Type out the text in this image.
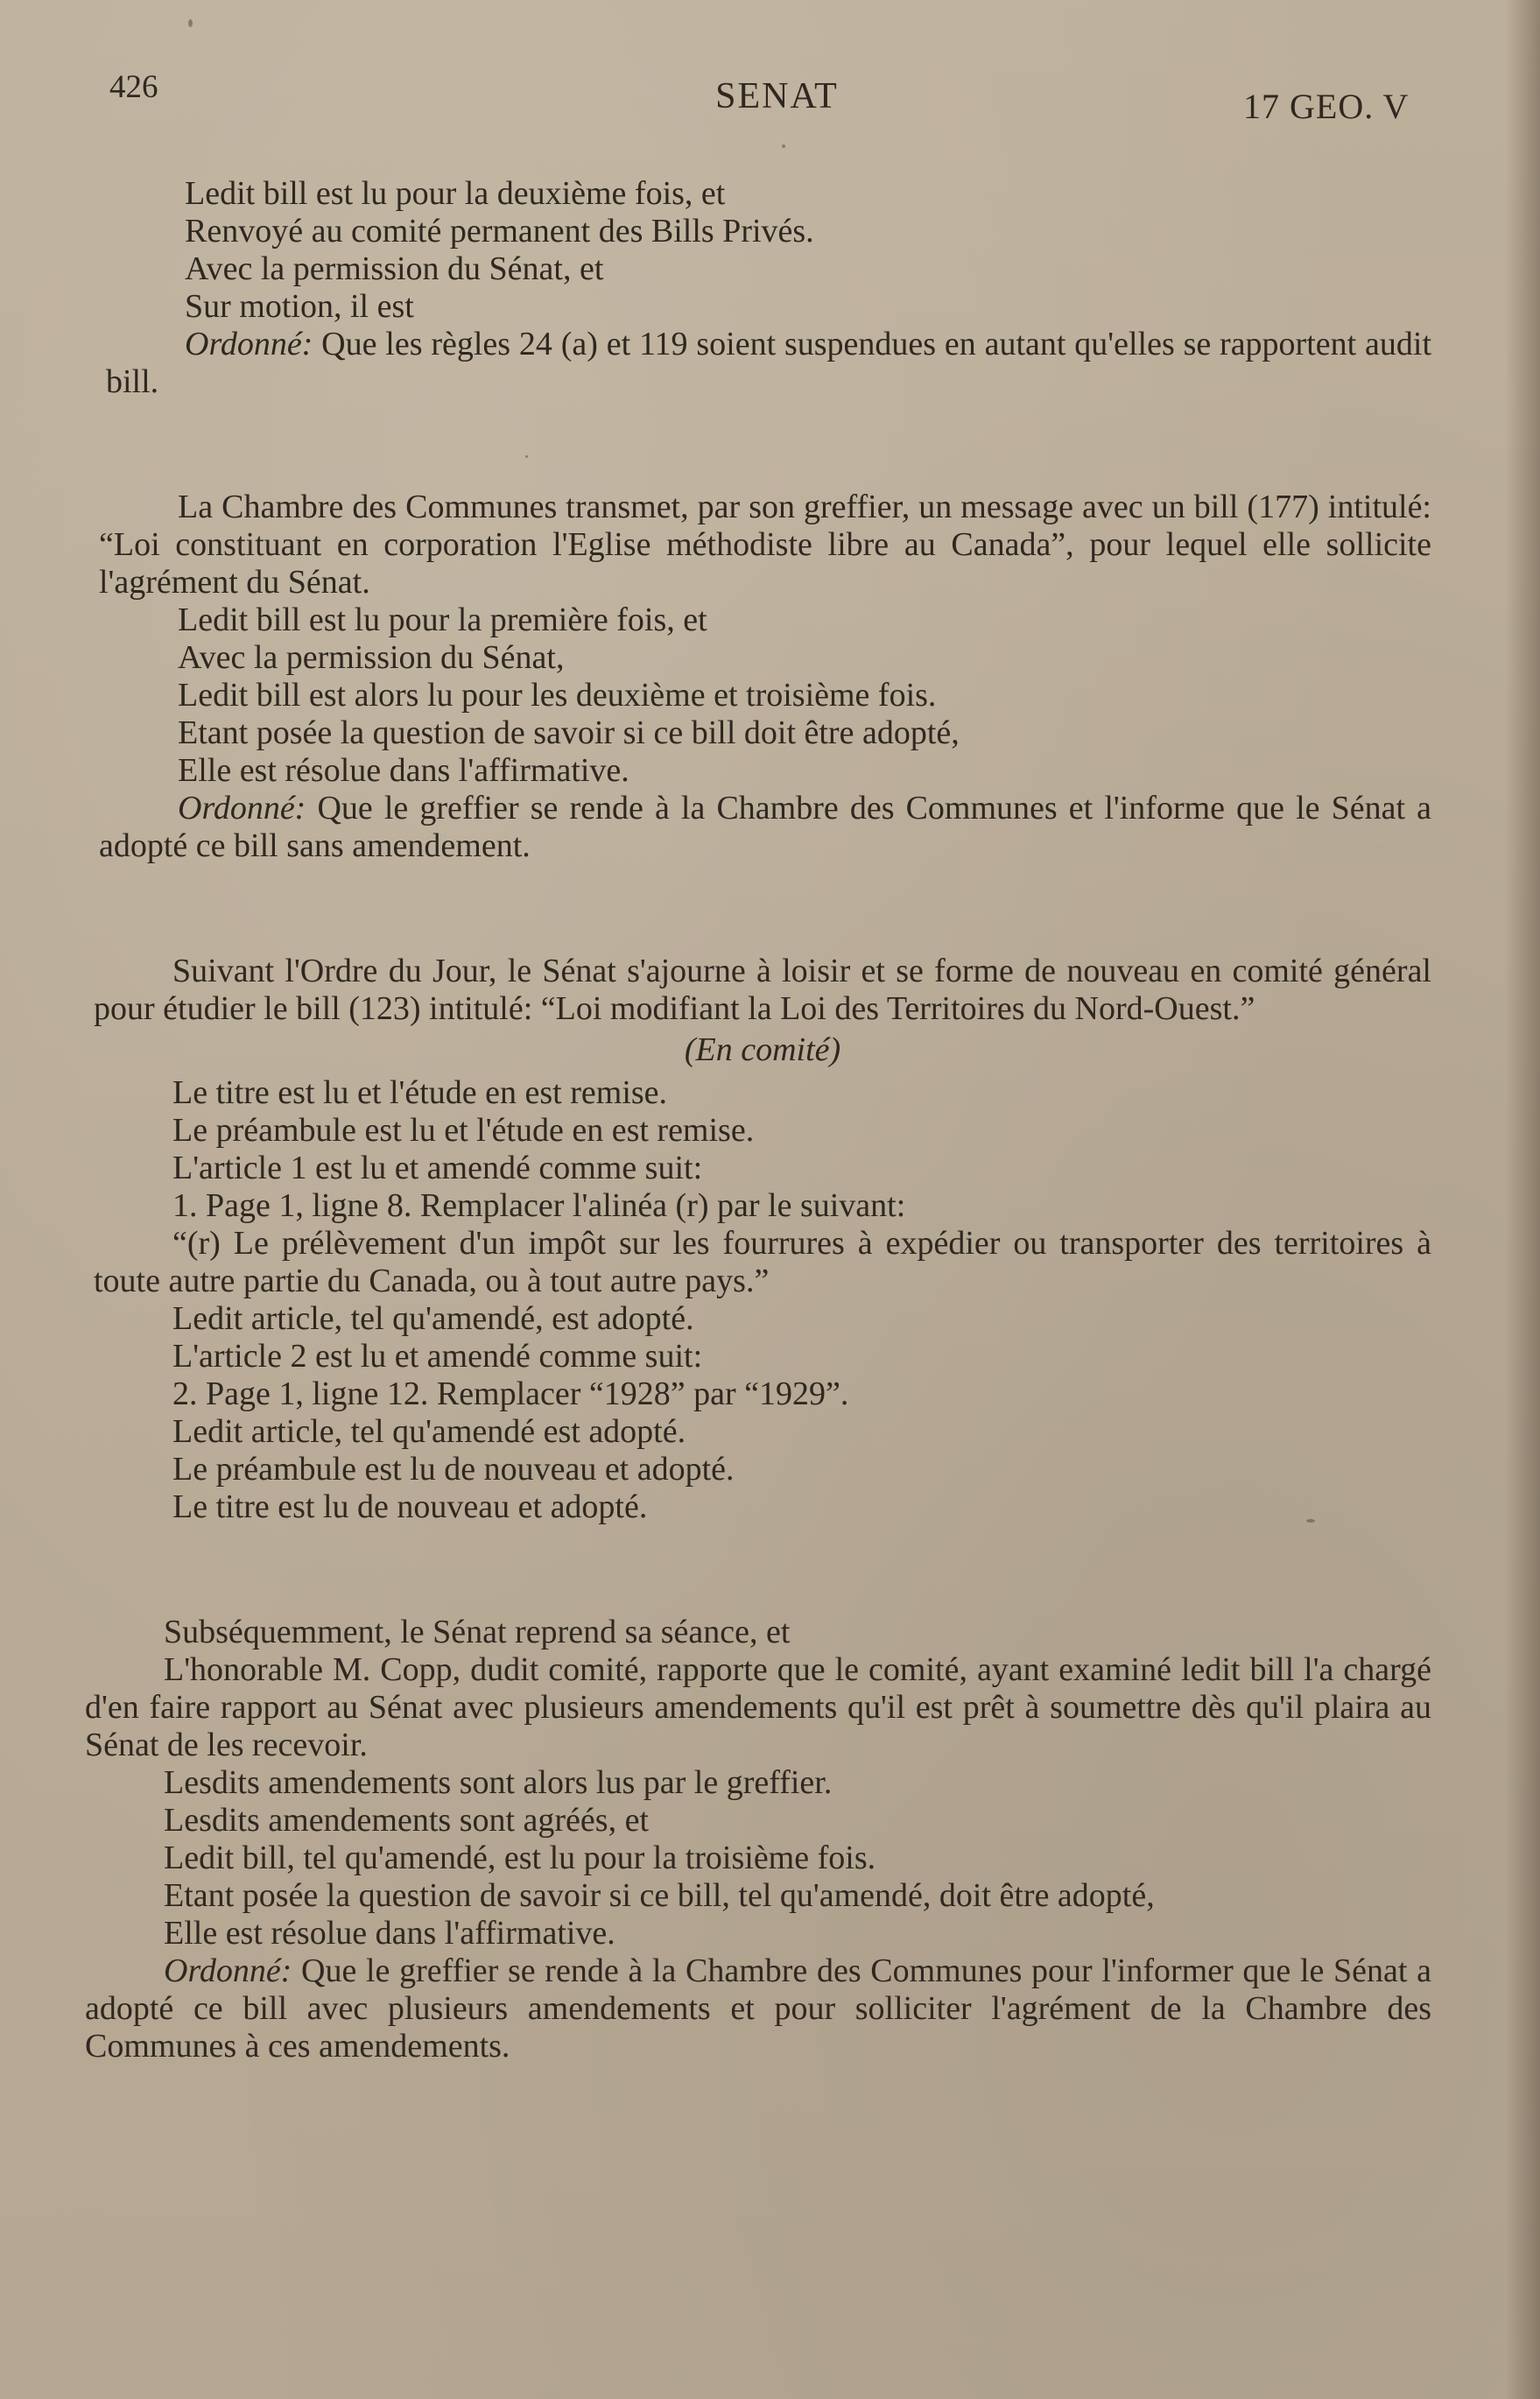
426	SENAT	17 GEO. V

Ledit bill est lu pour la deuxième fois, et

Renvoyé au comité permanent des Bills Privés.

Avec la permission du Sénat, et

Sur motion, il est

Ordonné: Que les règles 24 (a) et 119 soient suspendues en autant qu'elles se rapportent audit bill.

La Chambre des Communes transmet, par son greffier, un message avec un bill (177) intitulé: “Loi constituant en corporation l'Eglise méthodiste libre au Canada”, pour lequel elle sollicite l'agrément du Sénat.

Ledit bill est lu pour la première fois, et

Avec la permission du Sénat,

Ledit bill est alors lu pour les deuxième et troisième fois.

Etant posée la question de savoir si ce bill doit être adopté,

Elle est résolue dans l'affirmative.

Ordonné: Que le greffier se rende à la Chambre des Communes et l'informe que le Sénat a adopté ce bill sans amendement.

Suivant l'Ordre du Jour, le Sénat s'ajourne à loisir et se forme de nouveau en comité général pour étudier le bill (123) intitulé: “Loi modifiant la Loi des Territoires du Nord-Ouest.”

(En comité)

Le titre est lu et l'étude en est remise.

Le préambule est lu et l'étude en est remise.

L'article 1 est lu et amendé comme suit:

1. Page 1, ligne 8. Remplacer l'alinéa (r) par le suivant:

“(r) Le prélèvement d'un impôt sur les fourrures à expédier ou transporter des territoires à toute autre partie du Canada, ou à tout autre pays.”

Ledit article, tel qu'amendé, est adopté.

L'article 2 est lu et amendé comme suit:

2. Page 1, ligne 12. Remplacer “1928” par “1929”.

Ledit article, tel qu'amendé est adopté.

Le préambule est lu de nouveau et adopté.

Le titre est lu de nouveau et adopté.

Subséquemment, le Sénat reprend sa séance, et

L'honorable M. Copp, dudit comité, rapporte que le comité, ayant examiné ledit bill l'a chargé d'en faire rapport au Sénat avec plusieurs amendements qu'il est prêt à soumettre dès qu'il plaira au Sénat de les recevoir.

Lesdits amendements sont alors lus par le greffier.

Lesdits amendements sont agréés, et

Ledit bill, tel qu'amendé, est lu pour la troisième fois.

Etant posée la question de savoir si ce bill, tel qu'amendé, doit être adopté,

Elle est résolue dans l'affirmative.

Ordonné: Que le greffier se rende à la Chambre des Communes pour l'informer que le Sénat a adopté ce bill avec plusieurs amendements et pour solliciter l'agrément de la Chambre des Communes à ces amendements.
